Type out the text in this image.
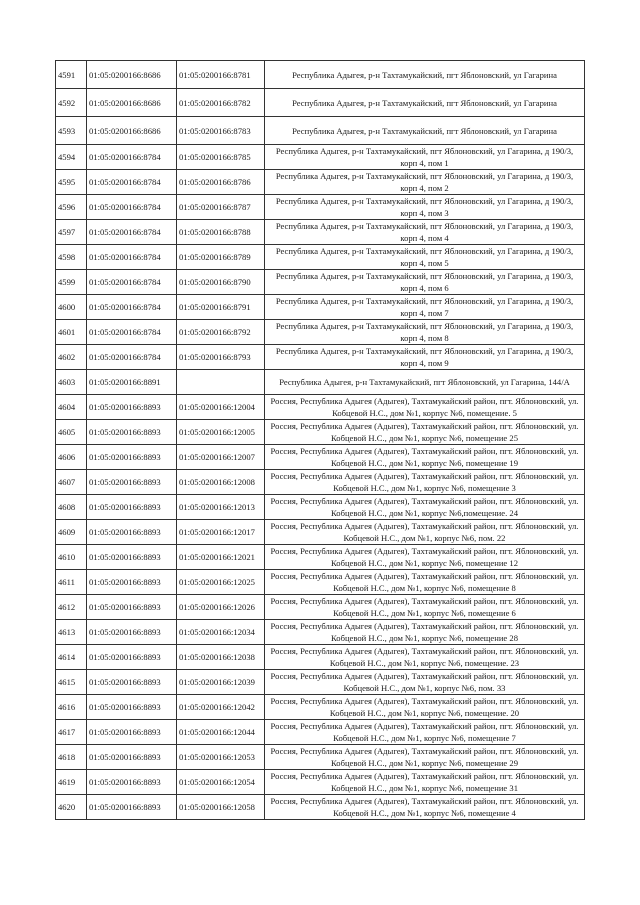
4591	01:05:0200166:8686	01:05:0200166:8781	Республика Адыгея, р-н Тахтамукайский, пгт Яблоновский, ул Гагарина
4592	01:05:0200166:8686	01:05:0200166:8782	Республика Адыгея, р-н Тахтамукайский, пгт Яблоновский, ул Гагарина
4593	01:05:0200166:8686	01:05:0200166:8783	Республика Адыгея, р-н Тахтамукайский, пгт Яблоновский, ул Гагарина
4594	01:05:0200166:8784	01:05:0200166:8785	Республика Адыгея, р-н Тахтамукайский, пгт Яблоновский, ул Гагарина, д 190/3, корп 4, пом 1
4595	01:05:0200166:8784	01:05:0200166:8786	Республика Адыгея, р-н Тахтамукайский, пгт Яблоновский, ул Гагарина, д 190/3, корп 4, пом 2
4596	01:05:0200166:8784	01:05:0200166:8787	Республика Адыгея, р-н Тахтамукайский, пгт Яблоновский, ул Гагарина, д 190/3, корп 4, пом 3
4597	01:05:0200166:8784	01:05:0200166:8788	Республика Адыгея, р-н Тахтамукайский, пгт Яблоновский, ул Гагарина, д 190/3, корп 4, пом 4
4598	01:05:0200166:8784	01:05:0200166:8789	Республика Адыгея, р-н Тахтамукайский, пгт Яблоновский, ул Гагарина, д 190/3, корп 4, пом 5
4599	01:05:0200166:8784	01:05:0200166:8790	Республика Адыгея, р-н Тахтамукайский, пгт Яблоновский, ул Гагарина, д 190/3, корп 4, пом 6
4600	01:05:0200166:8784	01:05:0200166:8791	Республика Адыгея, р-н Тахтамукайский, пгт Яблоновский, ул Гагарина, д 190/3, корп 4, пом 7
4601	01:05:0200166:8784	01:05:0200166:8792	Республика Адыгея, р-н Тахтамукайский, пгт Яблоновский, ул Гагарина, д 190/3, корп 4, пом 8
4602	01:05:0200166:8784	01:05:0200166:8793	Республика Адыгея, р-н Тахтамукайский, пгт Яблоновский, ул Гагарина, д 190/3, корп 4, пом 9
4603	01:05:0200166:8891		Республика Адыгея, р-н Тахтамукайский, пгт Яблоновский, ул Гагарина, 144/А
4604	01:05:0200166:8893	01:05:0200166:12004	Россия, Республика Адыгея (Адыгея), Тахтамукайский район, пгт. Яблоновский, ул. Кобцевой Н.С., дом №1, корпус №6, помещение. 5
4605	01:05:0200166:8893	01:05:0200166:12005	Россия, Республика Адыгея (Адыгея), Тахтамукайский район, пгт. Яблоновский, ул. Кобцевой Н.С., дом №1, корпус №6, помещение 25
4606	01:05:0200166:8893	01:05:0200166:12007	Россия, Республика Адыгея (Адыгея), Тахтамукайский район, пгт. Яблоновский, ул. Кобцевой Н.С., дом №1, корпус №6, помещение 19
4607	01:05:0200166:8893	01:05:0200166:12008	Россия, Республика Адыгея (Адыгея), Тахтамукайский район, пгт. Яблоновский, ул. Кобцевой Н.С., дом №1, корпус №6, помещение 3
4608	01:05:0200166:8893	01:05:0200166:12013	Россия, Республика Адыгея (Адыгея), Тахтамукайский район, пгт. Яблоновский, ул. Кобцевой Н.С., дом №1, корпус №6,помещение. 24
4609	01:05:0200166:8893	01:05:0200166:12017	Россия, Республика Адыгея (Адыгея), Тахтамукайский район, пгт. Яблоновский, ул. Кобцевой Н.С., дом №1, корпус №6, пом. 22
4610	01:05:0200166:8893	01:05:0200166:12021	Россия, Республика Адыгея (Адыгея), Тахтамукайский район, пгт. Яблоновский, ул. Кобцевой Н.С., дом №1, корпус №6, помещение 12
4611	01:05:0200166:8893	01:05:0200166:12025	Россия, Республика Адыгея (Адыгея), Тахтамукайский район, пгт. Яблоновский, ул. Кобцевой Н.С., дом №1, корпус №6, помещение 8
4612	01:05:0200166:8893	01:05:0200166:12026	Россия, Республика Адыгея (Адыгея), Тахтамукайский район, пгт. Яблоновский, ул. Кобцевой Н.С., дом №1, корпус №6, помещение 6
4613	01:05:0200166:8893	01:05:0200166:12034	Россия, Республика Адыгея (Адыгея), Тахтамукайский район, пгт. Яблоновский, ул. Кобцевой Н.С., дом №1, корпус №6, помещение 28
4614	01:05:0200166:8893	01:05:0200166:12038	Россия, Республика Адыгея (Адыгея), Тахтамукайский район, пгт. Яблоновский, ул. Кобцевой Н.С., дом №1, корпус №6, помещение. 23
4615	01:05:0200166:8893	01:05:0200166:12039	Россия, Республика Адыгея (Адыгея), Тахтамукайский район, пгт. Яблоновский, ул. Кобцевой Н.С., дом №1, корпус №6, пом. 33
4616	01:05:0200166:8893	01:05:0200166:12042	Россия, Республика Адыгея (Адыгея), Тахтамукайский район, пгт. Яблоновский, ул. Кобцевой Н.С., дом №1, корпус №6, помещение. 20
4617	01:05:0200166:8893	01:05:0200166:12044	Россия, Республика Адыгея (Адыгея), Тахтамукайский район, пгт. Яблоновский, ул. Кобцевой Н.С., дом №1, корпус №6, помещение 7
4618	01:05:0200166:8893	01:05:0200166:12053	Россия, Республика Адыгея (Адыгея), Тахтамукайский район, пгт. Яблоновский, ул. Кобцевой Н.С., дом №1, корпус №6, помещение 29
4619	01:05:0200166:8893	01:05:0200166:12054	Россия, Республика Адыгея (Адыгея), Тахтамукайский район, пгт. Яблоновский, ул. Кобцевой Н.С., дом №1, корпус №6, помещение 31
4620	01:05:0200166:8893	01:05:0200166:12058	Россия, Республика Адыгея (Адыгея), Тахтамукайский район, пгт. Яблоновский, ул. Кобцевой Н.С., дом №1, корпус №6, помещение 4
